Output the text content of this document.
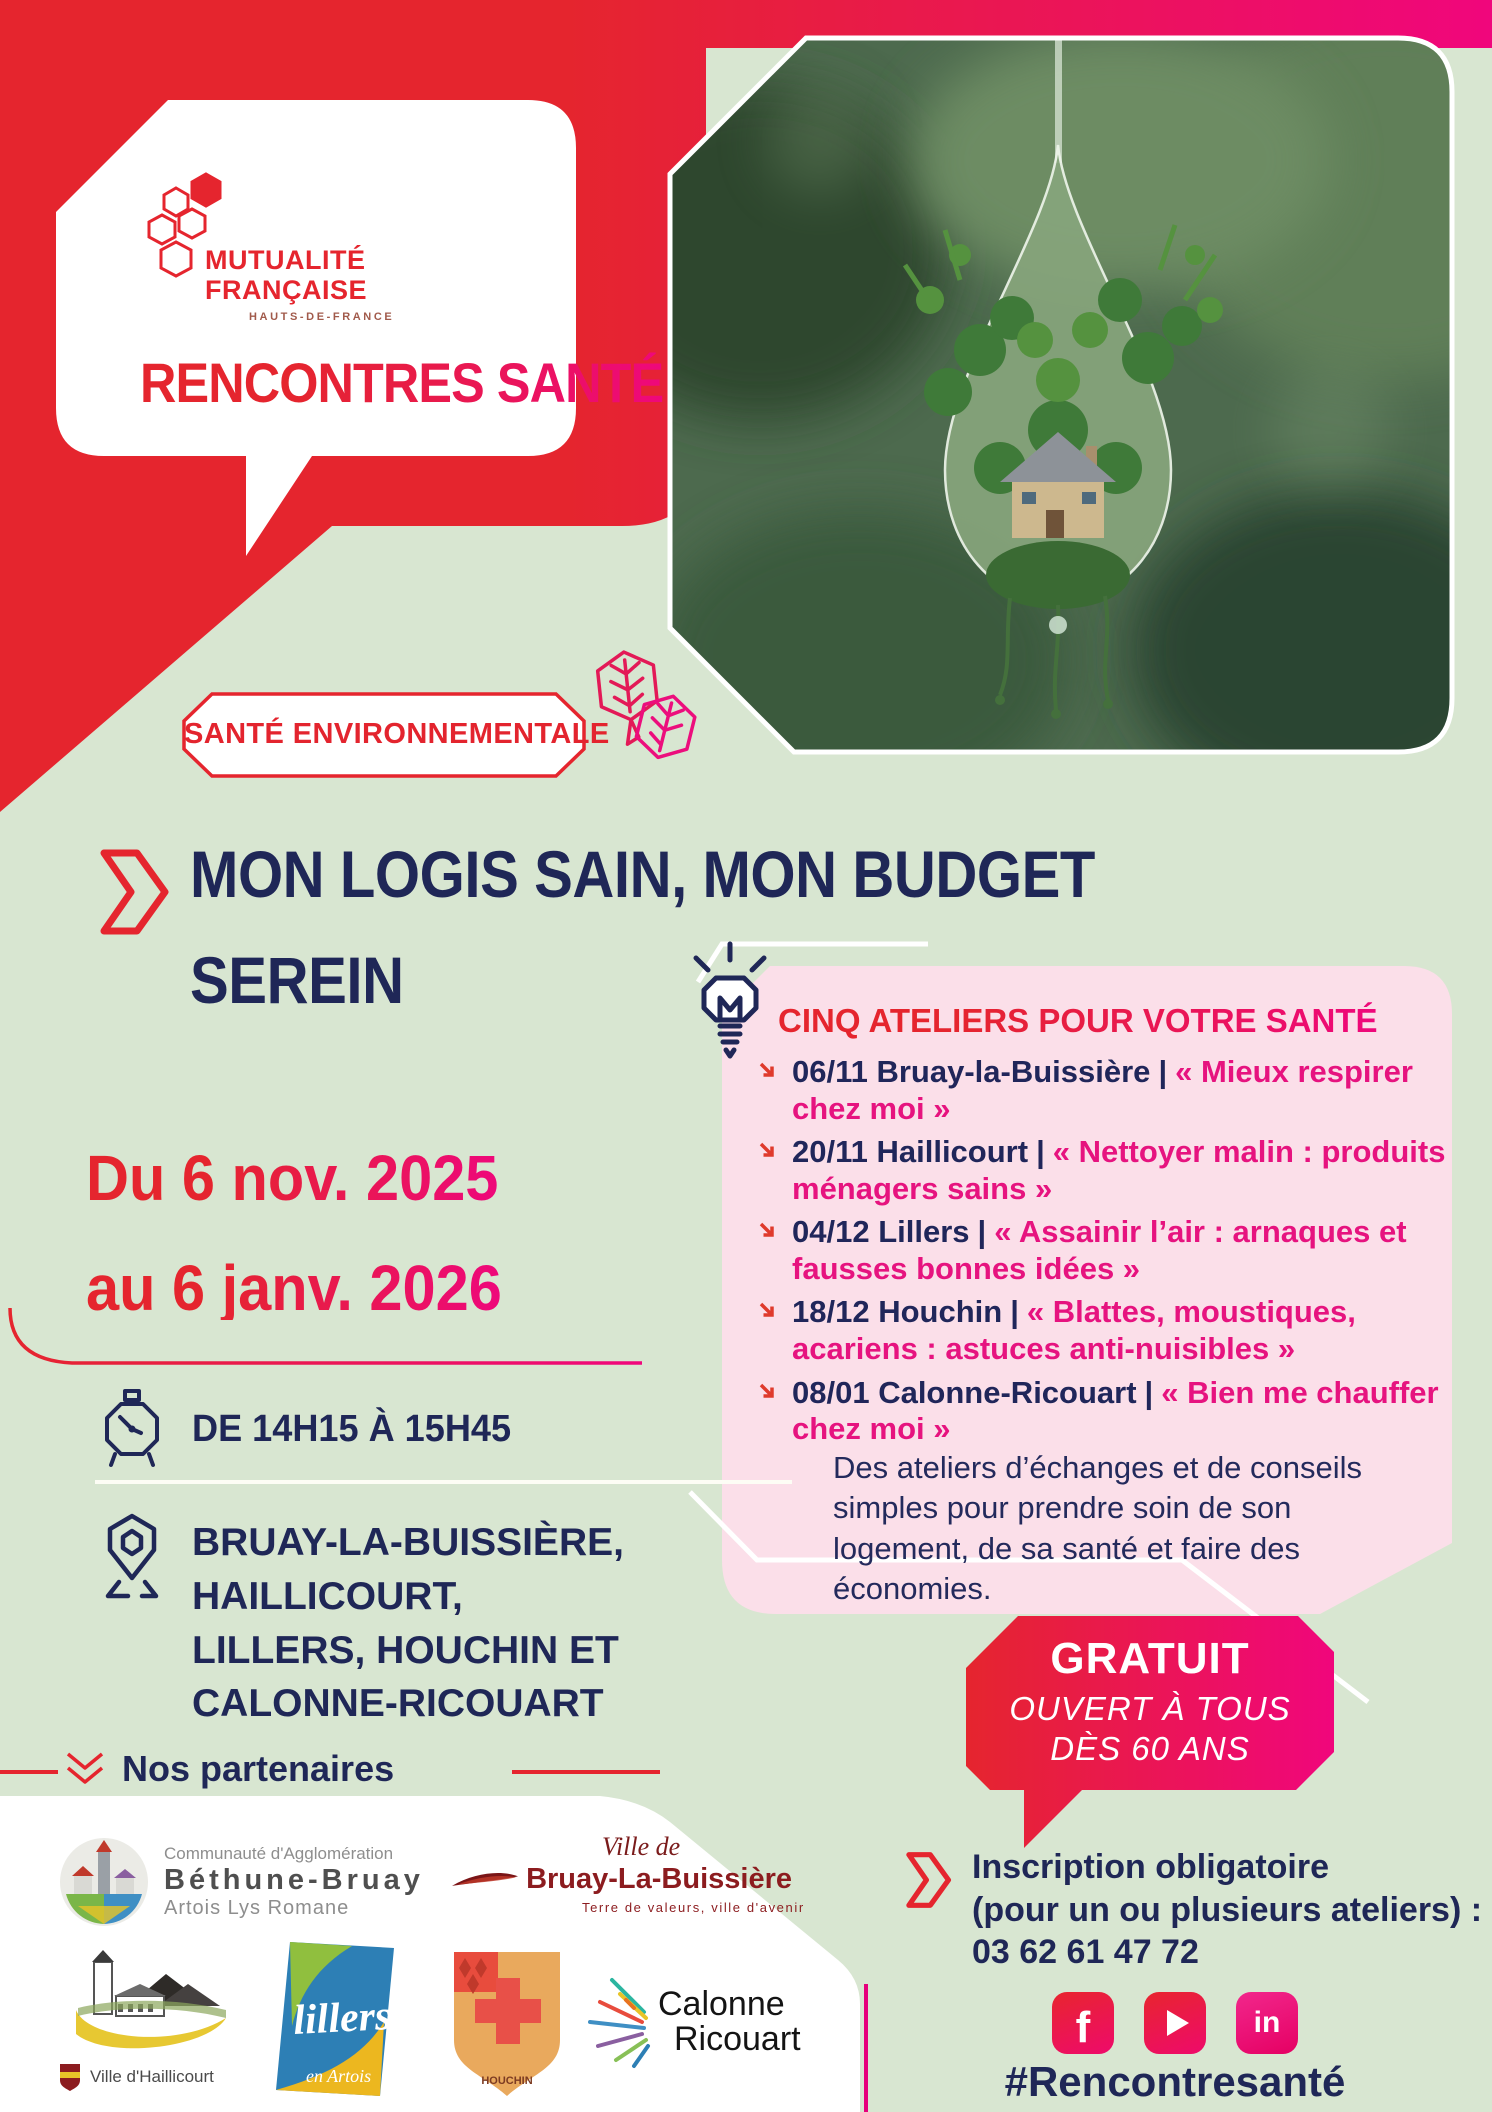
MUTUALITÉ
FRANÇAISE
HAUTS-DE-FRANCE
RENCONTRES SANTÉ
SANTÉ ENVIRONNEMENTALE
MON LOGIS SAIN, MON BUDGET
SEREIN
Du 6 nov. 2025
au 6 janv. 2026
DE 14H15 À 15H45
BRUAY-LA-BUISSIÈRE, HAILLICOURT, LILLERS, HOUCHIN ET CALONNE-RICOUART
CINQ ATELIERS POUR VOTRE SANTÉ

06/11 Bruay-la-Buissière | « Mieux respirer chez moi »

20/11 Haillicourt | « Nettoyer malin : produits ménagers sains »

04/12 Lillers | « Assainir l’air : arnaques et fausses bonnes idées »

18/12 Houchin | « Blattes, moustiques, acariens : astuces anti-nuisibles »

08/01 Calonne-Ricouart | « Bien me chauffer chez moi »

Des ateliers d’échanges et de conseils simples pour prendre soin de son logement, de sa santé et faire des économies.
GRATUIT
OUVERT À TOUS
DÈS 60 ANS
Inscription obligatoire
(pour un ou plusieurs ateliers) :
03 62 61 47 72
f	in
#Rencontresanté
Nos partenaires
Communauté d'Agglomération
Béthune-Bruay
Artois Lys Romane
Ville de
Bruay-La-Buissière
Terre de valeurs, ville d'avenir
Ville d'Haillicourt
lillers
en Artois	HOUCHIN
Calonne
Ricouart
